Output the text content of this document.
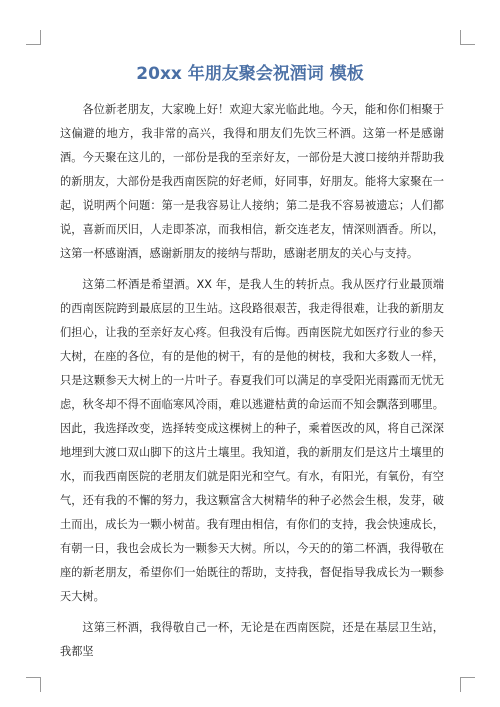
20xx 年朋友聚会祝酒词 模板

各位新老朋友，大家晚上好！欢迎大家光临此地。今天，能和你们相聚于这偏避的地方，我非常的高兴，我得和朋友们先饮三杯酒。这第一杯是感谢酒。今天聚在这儿的，一部份是我的至亲好友，一部份是大渡口接纳并帮助我的新朋友，大部份是我西南医院的好老师，好同事，好朋友。能将大家聚在一起，说明两个问题：第一是我容易让人接纳；第二是我不容易被遗忘；人们都说，喜新而厌旧，人走即茶凉，而我相信，新交连老友，情深则酒香。所以，这第一杯感谢酒，感谢新朋友的接纳与帮助，感谢老朋友的关心与支持。

这第二杯酒是希望酒。XX 年，是我人生的转折点。我从医疗行业最顶端的西南医院跨到最底层的卫生站。这段路很艰苦，我走得很难，让我的新朋友们担心，让我的至亲好友心疼。但我没有后悔。西南医院尤如医疗行业的参天大树，在座的各位，有的是他的树干，有的是他的树枝，我和大多数人一样，只是这颗参天大树上的一片叶子。春夏我们可以满足的享受阳光雨露而无忧无虑，秋冬却不得不面临寒风冷雨，难以逃避枯黄的命运而不知会飘落到哪里。因此，我选择改变，选择转变成这棵树上的种子，乘着医改的风，将自己深深地埋到大渡口双山脚下的这片土壤里。我知道，我的新朋友们是这片土壤里的水，而我西南医院的老朋友们就是阳光和空气。有水，有阳光，有氧份，有空气，还有我的不懈的努力，我这颗富含大树精华的种子必然会生根，发芽，破土而出，成长为一颗小树苗。我有理由相信，有你们的支持，我会快速成长，有朝一日，我也会成长为一颗参天大树。所以，今天的的第二杯酒，我得敬在座的新老朋友，希望你们一始既往的帮助，支持我，督促指导我成长为一颗参天大树。

这第三杯酒，我得敬自己一杯，无论是在西南医院，还是在基层卫生站，我都坚
